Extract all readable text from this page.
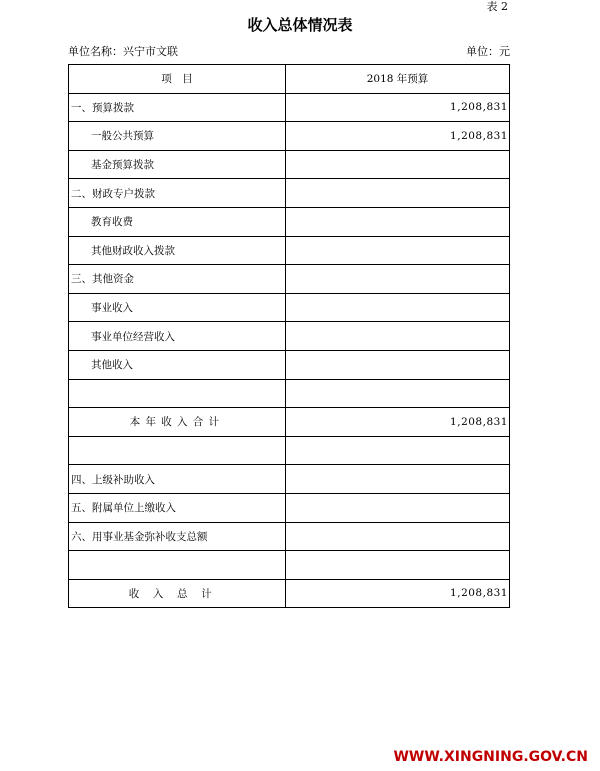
表 2
收入总体情况表
单位名称：兴宁市文联	单位：元
项　目	2018 年预算
一、预算拨款	1,208,831
一般公共预算	1,208,831
基金预算拨款	
二、财政专户拨款	
教育收费	
其他财政收入拨款	
三、其他资金	
事业收入	
事业单位经营收入	
其他收入	

本年收入合计	1,208,831

四、上级补助收入	
五、附属单位上缴收入	
六、用事业基金弥补收支总额	

收入总计	1,208,831
WWW.XINGNING.GOV.CN
